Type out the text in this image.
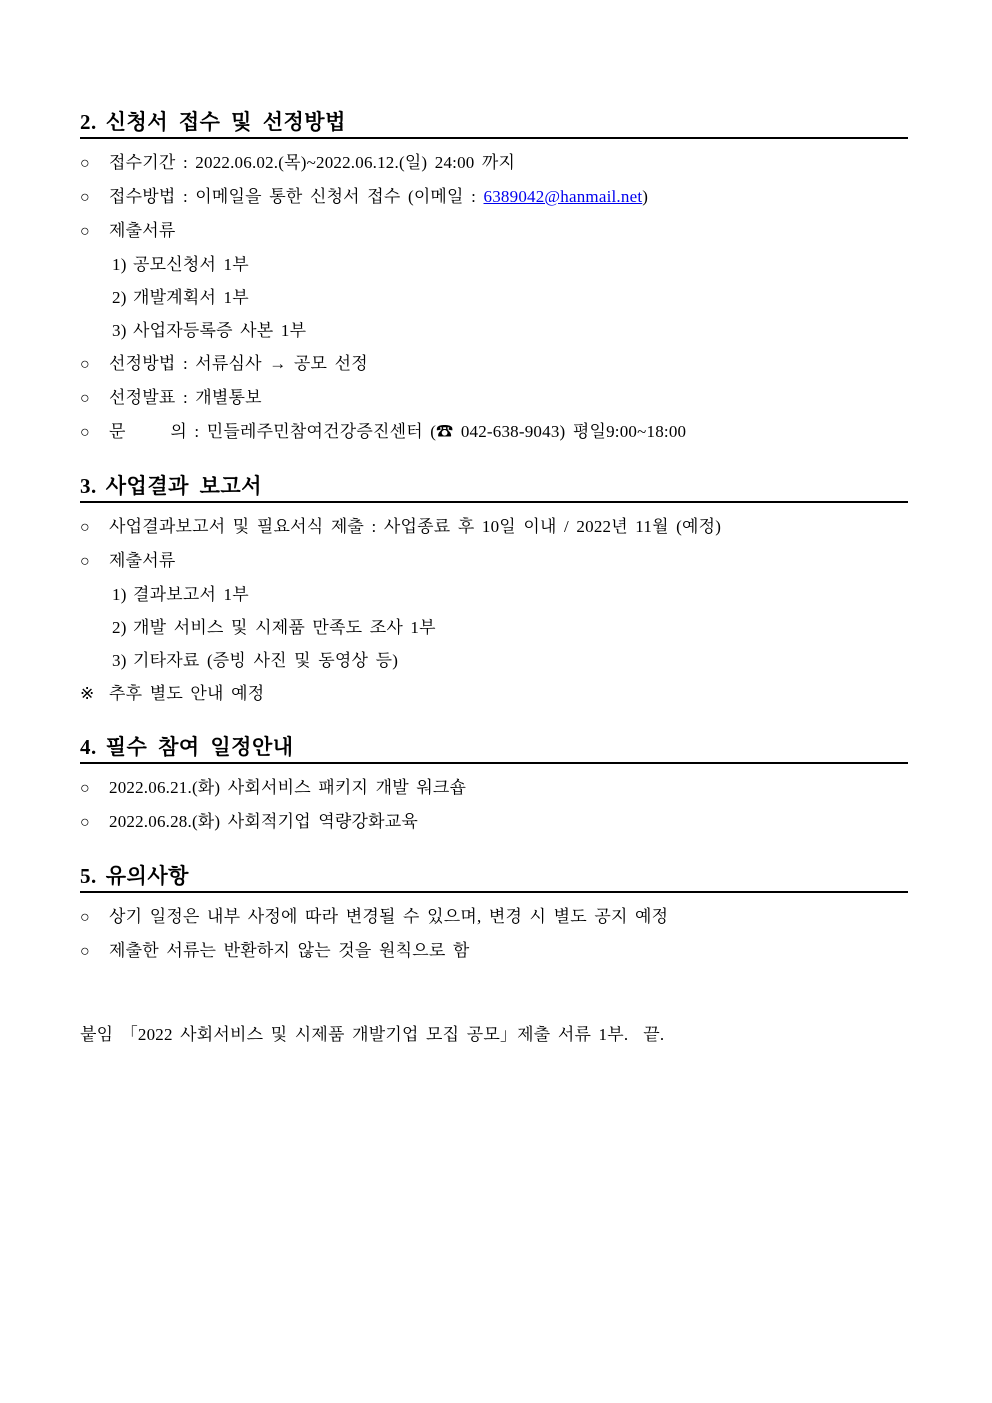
2. 신청서 접수 및 선정방법
○	접수기간 : 2022.06.02.(목)~2022.06.12.(일) 24:00 까지
○	접수방법 : 이메일을 통한 신청서 접수 (이메일 : 6389042@hanmail.net)
○	제출서류
1) 공모신청서 1부
2) 개발계획서 1부
3) 사업자등록증 사본 1부
○	선정방법 : 서류심사 → 공모 선정
○	선정발표 : 개별통보
○	문      의 : 민들레주민참여건강증진센터 (☎ 042-638-9043) 평일9:00~18:00
3. 사업결과 보고서
○	사업결과보고서 및 필요서식 제출 : 사업종료 후 10일 이내 / 2022년 11월 (예정)
○	제출서류
1) 결과보고서 1부
2) 개발 서비스 및 시제품 만족도 조사 1부
3) 기타자료 (증빙 사진 및 동영상 등)
※ 추후 별도 안내 예정
4. 필수 참여 일정안내
○	2022.06.21.(화) 사회서비스 패키지 개발 워크숍
○	2022.06.28.(화) 사회적기업 역량강화교육
5. 유의사항
○	상기 일정은 내부 사정에 따라 변경될 수 있으며, 변경 시 별도 공지 예정
○	제출한 서류는 반환하지 않는 것을 원칙으로 함

붙임 「2022 사회서비스 및 시제품 개발기업 모집 공모」제출 서류 1부.  끝.
